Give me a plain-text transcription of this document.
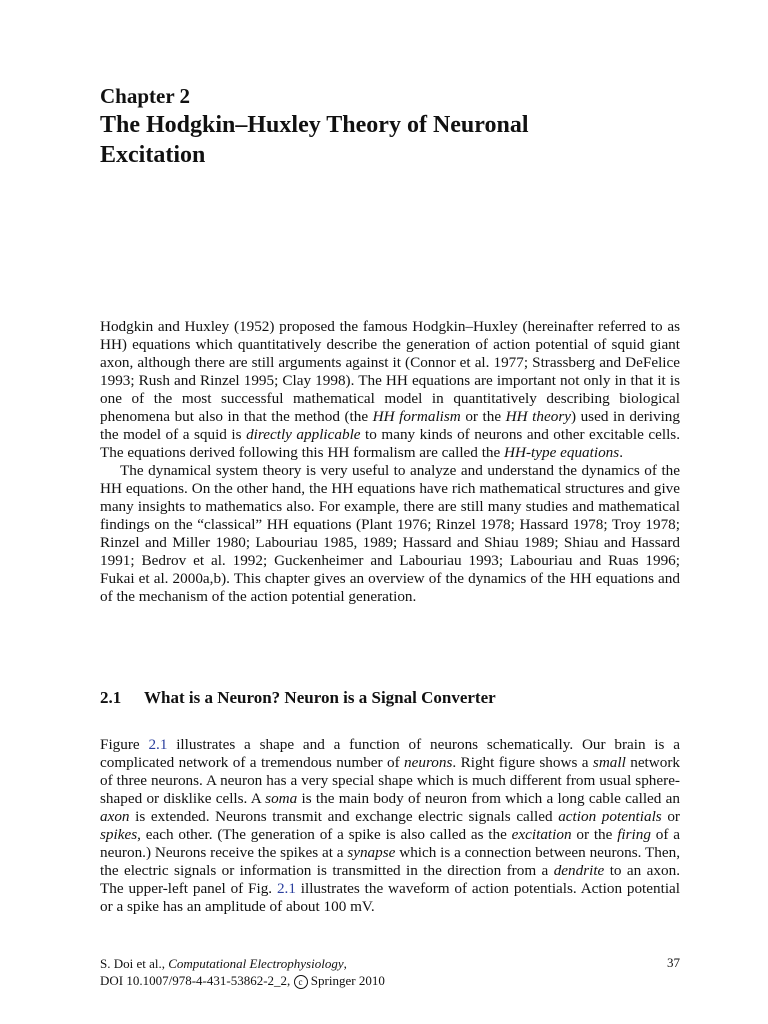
Chapter 2
The Hodgkin–Huxley Theory of Neuronal
Excitation

Hodgkin and Huxley (1952) proposed the famous Hodgkin–Huxley (hereinafter referred to as HH) equations which quantitatively describe the generation of action potential of squid giant axon, although there are still arguments against it (Connor et al. 1977; Strassberg and DeFelice 1993; Rush and Rinzel 1995; Clay 1998). The HH equations are important not only in that it is one of the most successful mathematical model in quantitatively describing biological phenomena but also in that the method (the HH formalism or the HH theory) used in deriving the model of a squid is directly applicable to many kinds of neurons and other excitable cells. The equations derived following this HH formalism are called the HH-type equations.

The dynamical system theory is very useful to analyze and understand the dynamics of the HH equations. On the other hand, the HH equations have rich mathematical structures and give many insights to mathematics also. For example, there are still many studies and mathematical findings on the “classical” HH equations (Plant 1976; Rinzel 1978; Hassard 1978; Troy 1978; Rinzel and Miller 1980; Labouriau 1985, 1989; Hassard and Shiau 1989; Shiau and Hassard 1991; Bedrov et al. 1992; Guckenheimer and Labouriau 1993; Labouriau and Ruas 1996; Fukai et al. 2000a,b). This chapter gives an overview of the dynamics of the HH equations and of the mechanism of the action potential generation.

2.1 What is a Neuron? Neuron is a Signal Converter

Figure 2.1 illustrates a shape and a function of neurons schematically. Our brain is a complicated network of a tremendous number of neurons. Right figure shows a small network of three neurons. A neuron has a very special shape which is much different from usual sphere-shaped or disklike cells. A soma is the main body of neuron from which a long cable called an axon is extended. Neurons transmit and exchange electric signals called action potentials or spikes, each other. (The generation of a spike is also called as the excitation or the firing of a neuron.) Neurons receive the spikes at a synapse which is a connection between neurons. Then, the electric signals or information is transmitted in the direction from a dendrite to an axon. The upper-left panel of Fig. 2.1 illustrates the waveform of action potentials. Action potential or a spike has an amplitude of about 100 mV.

S. Doi et al., Computational Electrophysiology,
DOI 10.1007/978-4-431-53862-2_2, c Springer 2010
37
